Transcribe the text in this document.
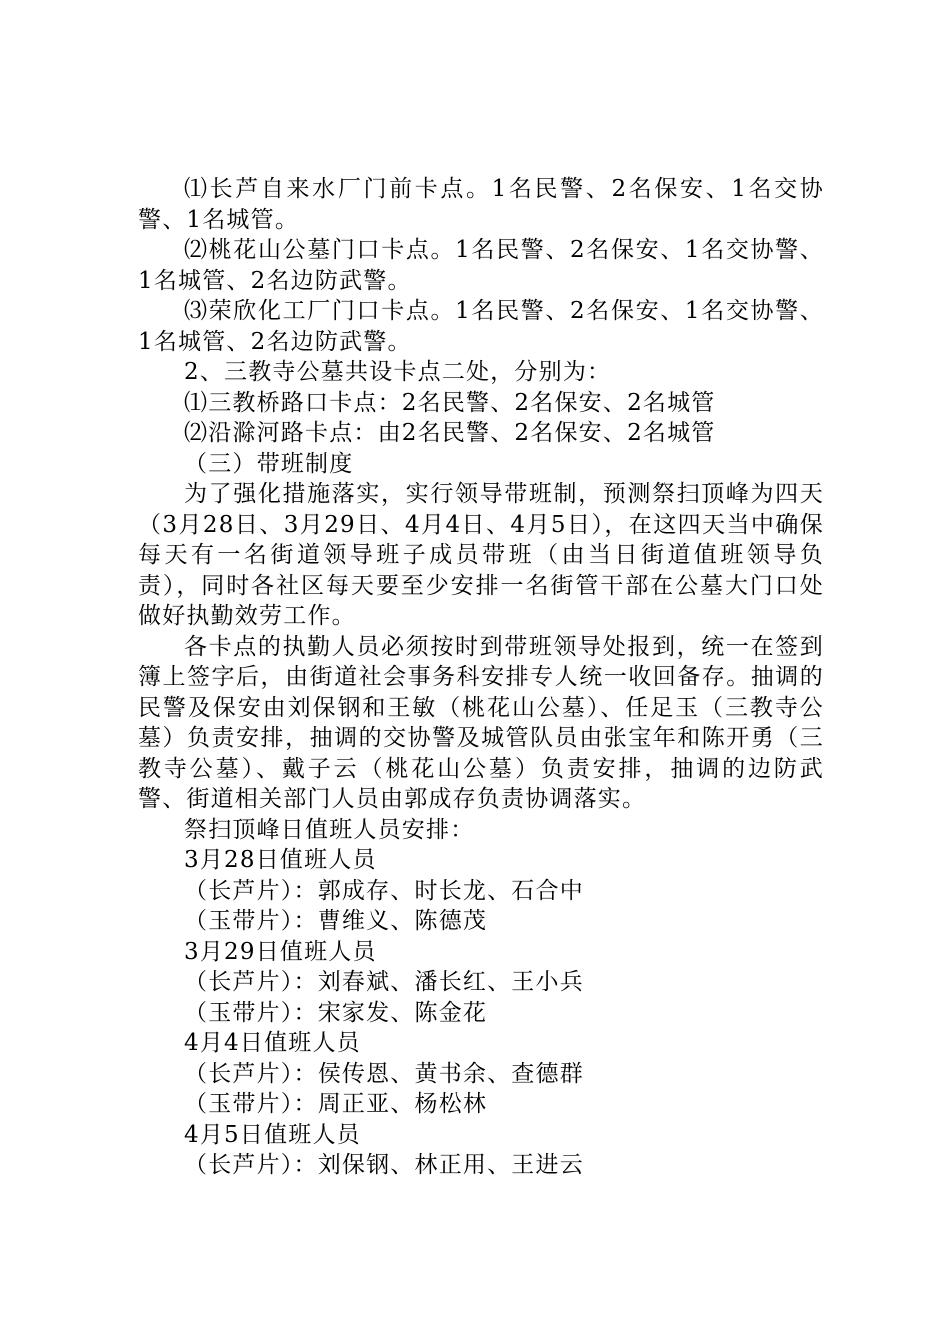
⑴长芦自来水厂门前卡点。1名民警、2名保安、1名交协警、1名城管。

⑵桃花山公墓门口卡点。1名民警、2名保安、1名交协警、1名城管、2名边防武警。

⑶荣欣化工厂门口卡点。1名民警、2名保安、1名交协警、1名城管、2名边防武警。

2、三教寺公墓共设卡点二处，分别为：

⑴三教桥路口卡点：2名民警、2名保安、2名城管

⑵沿滁河路卡点：由2名民警、2名保安、2名城管

（三）带班制度

为了强化措施落实，实行领导带班制，预测祭扫顶峰为四天（3月28日、3月29日、4月4日、4月5日），在这四天当中确保每天有一名街道领导班子成员带班（由当日街道值班领导负责），同时各社区每天要至少安排一名街管干部在公墓大门口处做好执勤效劳工作。

各卡点的执勤人员必须按时到带班领导处报到，统一在签到簿上签字后，由街道社会事务科安排专人统一收回备存。抽调的民警及保安由刘保钢和王敏（桃花山公墓）、任足玉（三教寺公墓）负责安排，抽调的交协警及城管队员由张宝年和陈开勇（三教寺公墓）、戴子云（桃花山公墓）负责安排，抽调的边防武警、街道相关部门人员由郭成存负责协调落实。

祭扫顶峰日值班人员安排：

3月28日值班人员

（长芦片）：郭成存、时长龙、石合中

（玉带片）：曹维义、陈德茂

3月29日值班人员

（长芦片）：刘春斌、潘长红、王小兵

（玉带片）：宋家发、陈金花

4月4日值班人员

（长芦片）：侯传恩、黄书余、查德群

（玉带片）：周正亚、杨松林

4月5日值班人员

（长芦片）：刘保钢、林正用、王进云
